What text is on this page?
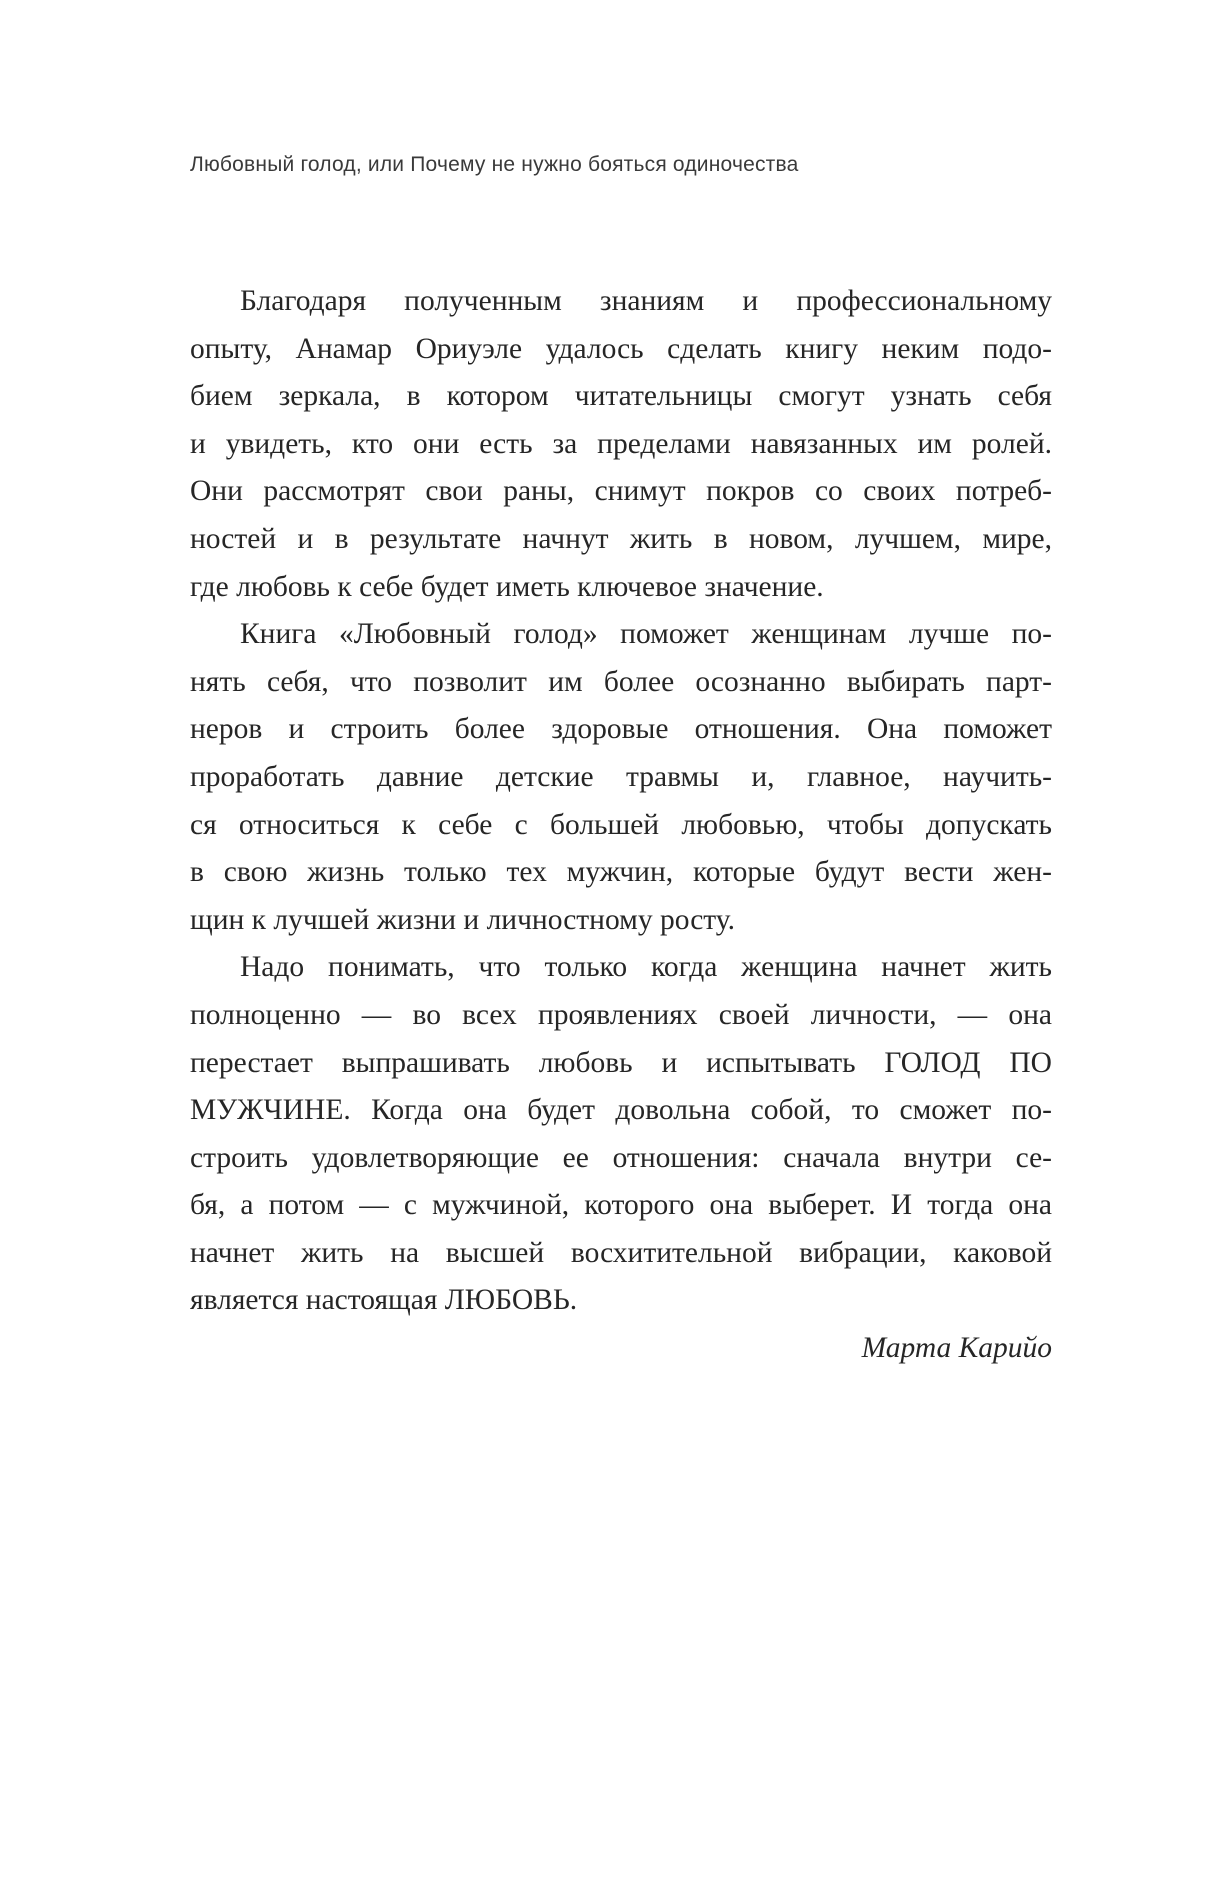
Любовный голод, или Почему не нужно бояться одиночества

Благодаря полученным знаниям и профессиональному
опыту, Анамар Ориуэле удалось сделать книгу неким подо-
бием зеркала, в котором читательницы смогут узнать себя
и увидеть, кто они есть за пределами навязанных им ролей.
Они рассмотрят свои раны, снимут покров со своих потреб-
ностей и в результате начнут жить в новом, лучшем, мире,
где любовь к себе будет иметь ключевое значение.

Книга «Любовный голод» поможет женщинам лучше по-
нять себя, что позволит им более осознанно выбирать парт-
неров и строить более здоровые отношения. Она поможет
проработать давние детские травмы и, главное, научить-
ся относиться к себе с большей любовью, чтобы допускать
в свою жизнь только тех мужчин, которые будут вести жен-
щин к лучшей жизни и личностному росту.

Надо понимать, что только когда женщина начнет жить
полноценно — во всех проявлениях своей личности, — она
перестает выпрашивать любовь и испытывать ГОЛОД ПО
МУЖЧИНЕ. Когда она будет довольна собой, то сможет по-
строить удовлетворяющие ее отношения: сначала внутри се-
бя, а потом — с мужчиной, которого она выберет. И тогда она
начнет жить на высшей восхитительной вибрации, каковой
является настоящая ЛЮБОВЬ.

Марта Карийо
